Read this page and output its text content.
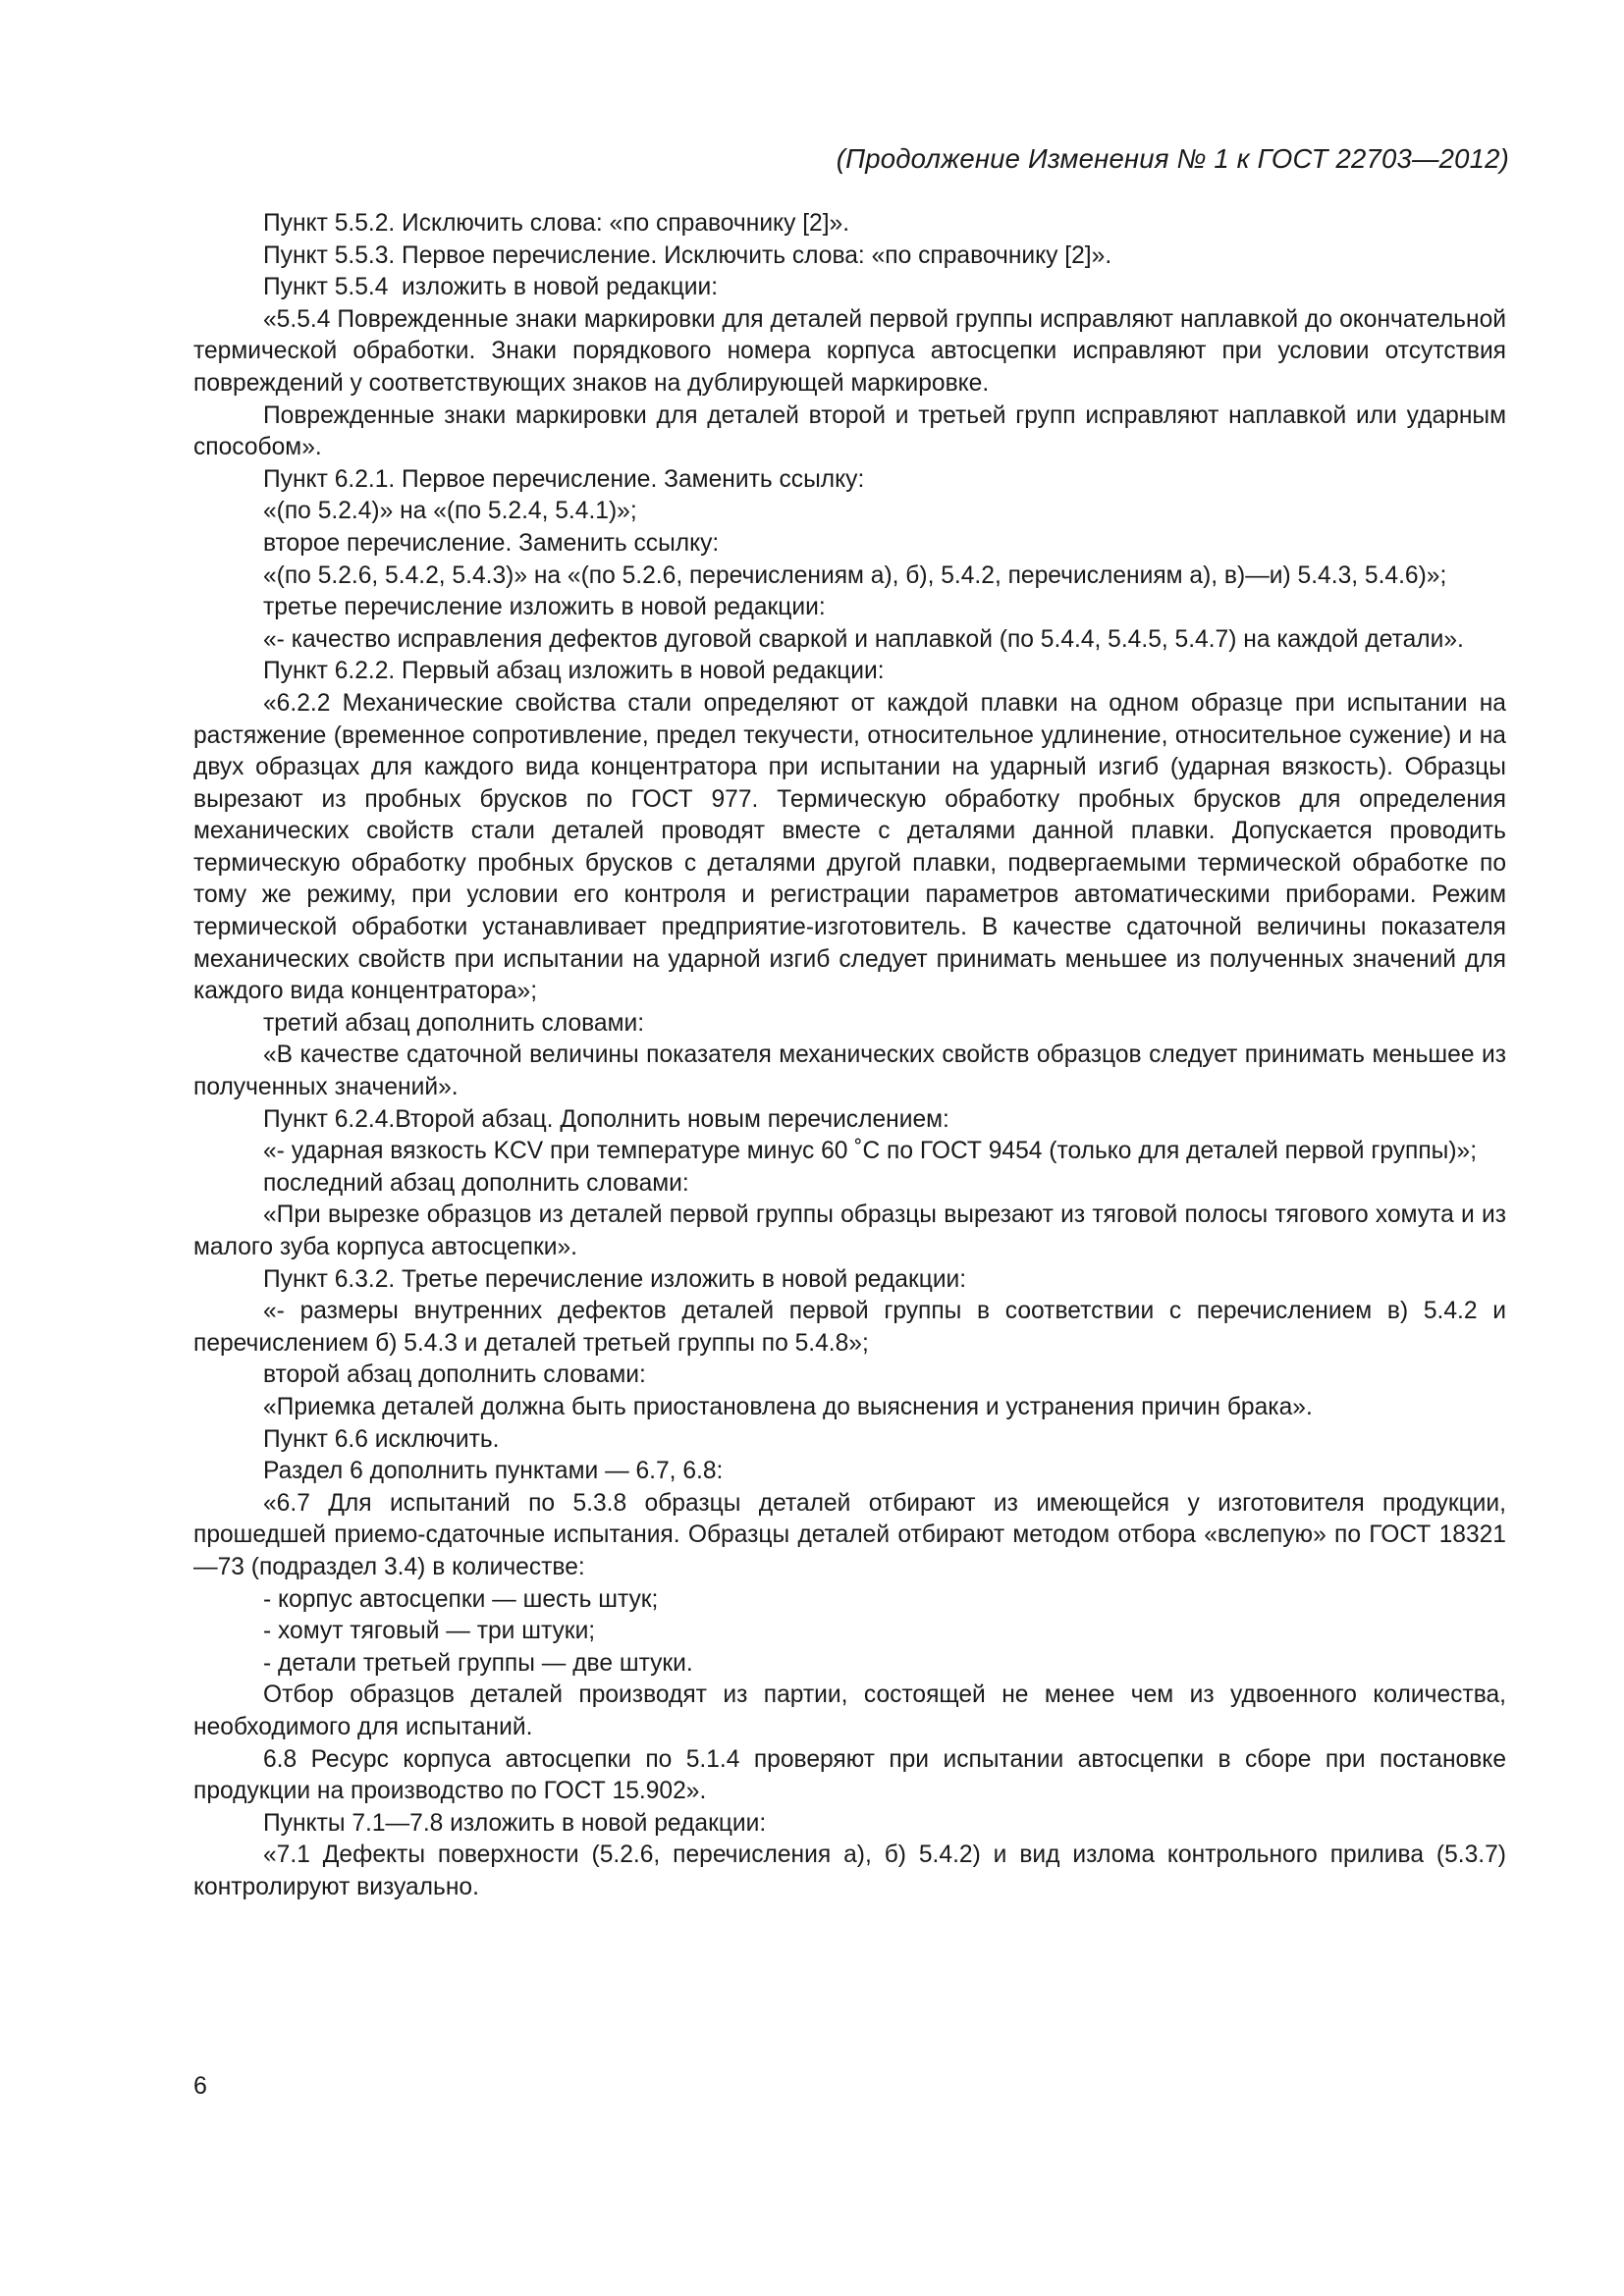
(Продолжение Изменения № 1 к ГОСТ 22703—2012)

Пункт 5.5.2. Исключить слова: «по справочнику [2]».

Пункт 5.5.3. Первое перечисление. Исключить слова: «по справочнику [2]».

Пункт 5.5.4  изложить в новой редакции:

«5.5.4 Поврежденные знаки маркировки для деталей первой группы исправляют наплавкой до окончательной термической обработки. Знаки порядкового номера корпуса автосцепки исправляют при условии отсутствия повреждений у соответствующих знаков на дублирующей маркировке.

Поврежденные знаки маркировки для деталей второй и третьей групп исправляют наплавкой или ударным способом».

Пункт 6.2.1. Первое перечисление. Заменить ссылку:

«(по 5.2.4)» на «(по 5.2.4, 5.4.1)»;

второе перечисление. Заменить ссылку:

«(по 5.2.6, 5.4.2, 5.4.3)» на «(по 5.2.6, перечислениям а), б), 5.4.2, перечислениям а), в)—и) 5.4.3, 5.4.6)»;

третье перечисление изложить в новой редакции:

«- качество исправления дефектов дуговой сваркой и наплавкой (по 5.4.4, 5.4.5, 5.4.7) на каждой детали».

Пункт 6.2.2. Первый абзац изложить в новой редакции:

«6.2.2 Механические свойства стали определяют от каждой плавки на одном образце при испытании на растяжение (временное сопротивление, предел текучести, относительное удлинение, относительное сужение) и на двух образцах для каждого вида концентратора при испытании на ударный изгиб (ударная вязкость). Образцы вырезают из пробных брусков по ГОСТ 977. Термическую обработку пробных брусков для определения механических свойств стали деталей проводят вместе с деталями данной плавки. Допускается проводить термическую обработку пробных брусков с деталями другой плавки, подвергаемыми термической обработке по тому же режиму, при условии его контроля и регистрации параметров автоматическими приборами. Режим термической обработки устанавливает предприятие-изготовитель. В качестве сдаточной величины показателя механических свойств при испытании на ударной изгиб следует принимать меньшее из полученных значений для каждого вида концентратора»;

третий абзац дополнить словами:

«В качестве сдаточной величины показателя механических свойств образцов следует принимать меньшее из полученных значений».

Пункт 6.2.4.Второй абзац. Дополнить новым перечислением:

«- ударная вязкость KCV при температуре минус 60 ˚С по ГОСТ 9454 (только для деталей первой группы)»;

последний абзац дополнить словами:

«При вырезке образцов из деталей первой группы образцы вырезают из тяговой полосы тягового хомута и из малого зуба корпуса автосцепки».

Пункт 6.3.2. Третье перечисление изложить в новой редакции:

«- размеры внутренних дефектов деталей первой группы в соответствии с перечислением в) 5.4.2 и перечислением б) 5.4.3 и деталей третьей группы по 5.4.8»;

второй абзац дополнить словами:

«Приемка деталей должна быть приостановлена до выяснения и устранения причин брака».

Пункт 6.6 исключить.

Раздел 6 дополнить пунктами — 6.7, 6.8:

«6.7 Для испытаний по 5.3.8 образцы деталей отбирают из имеющейся у изготовителя продукции, прошедшей приемо-сдаточные испытания. Образцы деталей отбирают методом отбора «вслепую» по ГОСТ 18321—73 (подраздел 3.4) в количестве:

- корпус автосцепки — шесть штук;

- хомут тяговый — три штуки;

- детали третьей группы — две штуки.

Отбор образцов деталей производят из партии, состоящей не менее чем из удвоенного количества, необходимого для испытаний.

6.8 Ресурс корпуса автосцепки по 5.1.4 проверяют при испытании автосцепки в сборе при постановке продукции на производство по ГОСТ 15.902».

Пункты 7.1—7.8 изложить в новой редакции:

«7.1 Дефекты поверхности (5.2.6, перечисления а), б) 5.4.2) и вид излома контрольного прилива (5.3.7) контролируют визуально.

6
